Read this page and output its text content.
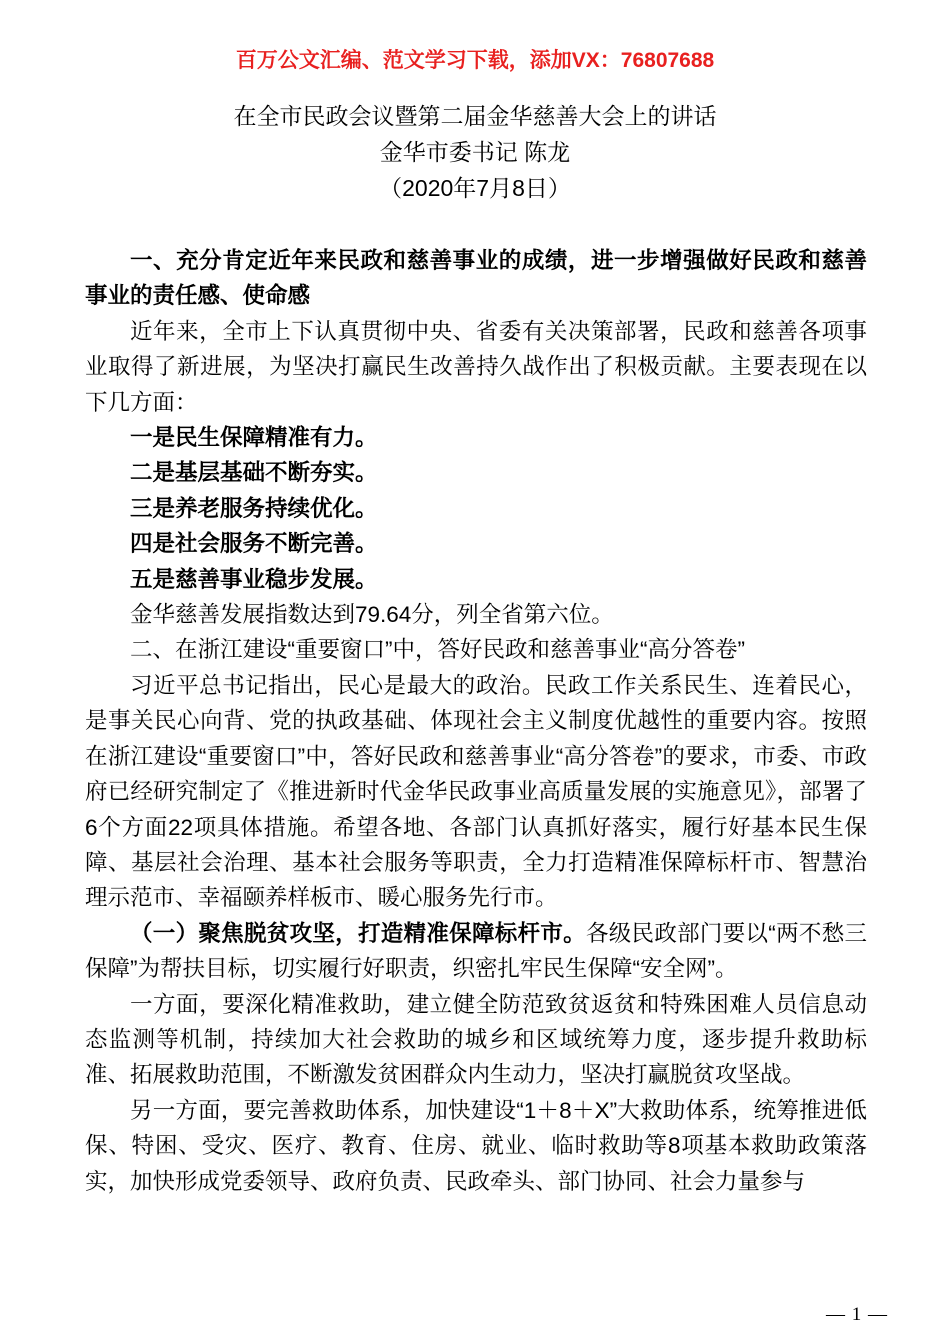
百万公文汇编、范文学习下载，添加VX：76807688
在全市民政会议暨第二届金华慈善大会上的讲话
金华市委书记 陈龙
（2020年7月8日）

一、充分肯定近年来民政和慈善事业的成绩，进一步增强做好民政和慈善事业的责任感、使命感

近年来，全市上下认真贯彻中央、省委有关决策部署，民政和慈善各项事业取得了新进展，为坚决打赢民生改善持久战作出了积极贡献。主要表现在以下几方面：

一是民生保障精准有力。

二是基层基础不断夯实。

三是养老服务持续优化。

四是社会服务不断完善。

五是慈善事业稳步发展。

金华慈善发展指数达到79.64分，列全省第六位。

二、在浙江建设“重要窗口”中，答好民政和慈善事业“高分答卷”

习近平总书记指出，民心是最大的政治。民政工作关系民生、连着民心，是事关民心向背、党的执政基础、体现社会主义制度优越性的重要内容。按照在浙江建设“重要窗口”中，答好民政和慈善事业“高分答卷”的要求，市委、市政府已经研究制定了《推进新时代金华民政事业高质量发展的实施意见》，部署了6个方面22项具体措施。希望各地、各部门认真抓好落实，履行好基本民生保障、基层社会治理、基本社会服务等职责，全力打造精准保障标杆市、智慧治理示范市、幸福颐养样板市、暖心服务先行市。

（一）聚焦脱贫攻坚，打造精准保障标杆市。各级民政部门要以“两不愁三保障”为帮扶目标，切实履行好职责，织密扎牢民生保障“安全网”。

一方面，要深化精准救助，建立健全防范致贫返贫和特殊困难人员信息动态监测等机制，持续加大社会救助的城乡和区域统筹力度，逐步提升救助标准、拓展救助范围，不断激发贫困群众内生动力，坚决打赢脱贫攻坚战。

另一方面，要完善救助体系，加快建设“1＋8＋X”大救助体系，统筹推进低保、特困、受灾、医疗、教育、住房、就业、临时救助等8项基本救助政策落实，加快形成党委领导、政府负责、民政牵头、部门协同、社会力量参与

— 1 —
